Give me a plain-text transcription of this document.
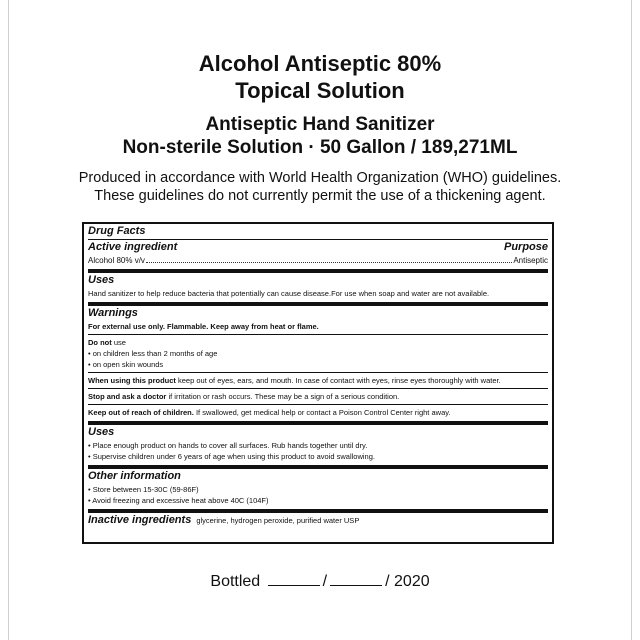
Alcohol Antiseptic 80%
Topical Solution
Antiseptic Hand Sanitizer
Non-sterile Solution · 50 Gallon / 189,271ML
Produced in accordance with World Health Organization (WHO) guidelines.
These guidelines do not currently permit the use of a thickening agent.
Drug Facts
Active ingredient	Purpose
Alcohol 80% v/v	Antiseptic
Uses
Hand sanitizer to help reduce bacteria that potentially can cause disease.For use when soap and water are not available.
Warnings
For external use only. Flammable. Keep away from heat or flame.
Do not use
• on children less than 2 months of age
• on open skin wounds
When using this product keep out of eyes, ears, and mouth. In case of contact with eyes, rinse eyes thoroughly with water.
Stop and ask a doctor if irritation or rash occurs. These may be a sign of a serious condition.
Keep out of reach of children. If swallowed, get medical help or contact a Poison Control Center right away.
Uses
• Place enough product on hands to cover all surfaces. Rub hands together until dry.
• Supervise children under 6 years of age when using this product to avoid swallowing.
Other information
• Store between 15-30C (59-86F)
• Avoid freezing and excessive heat above 40C (104F)
Inactive ingredients glycerine, hydrogen peroxide, purified water USP
Bottled	/	/ 2020
